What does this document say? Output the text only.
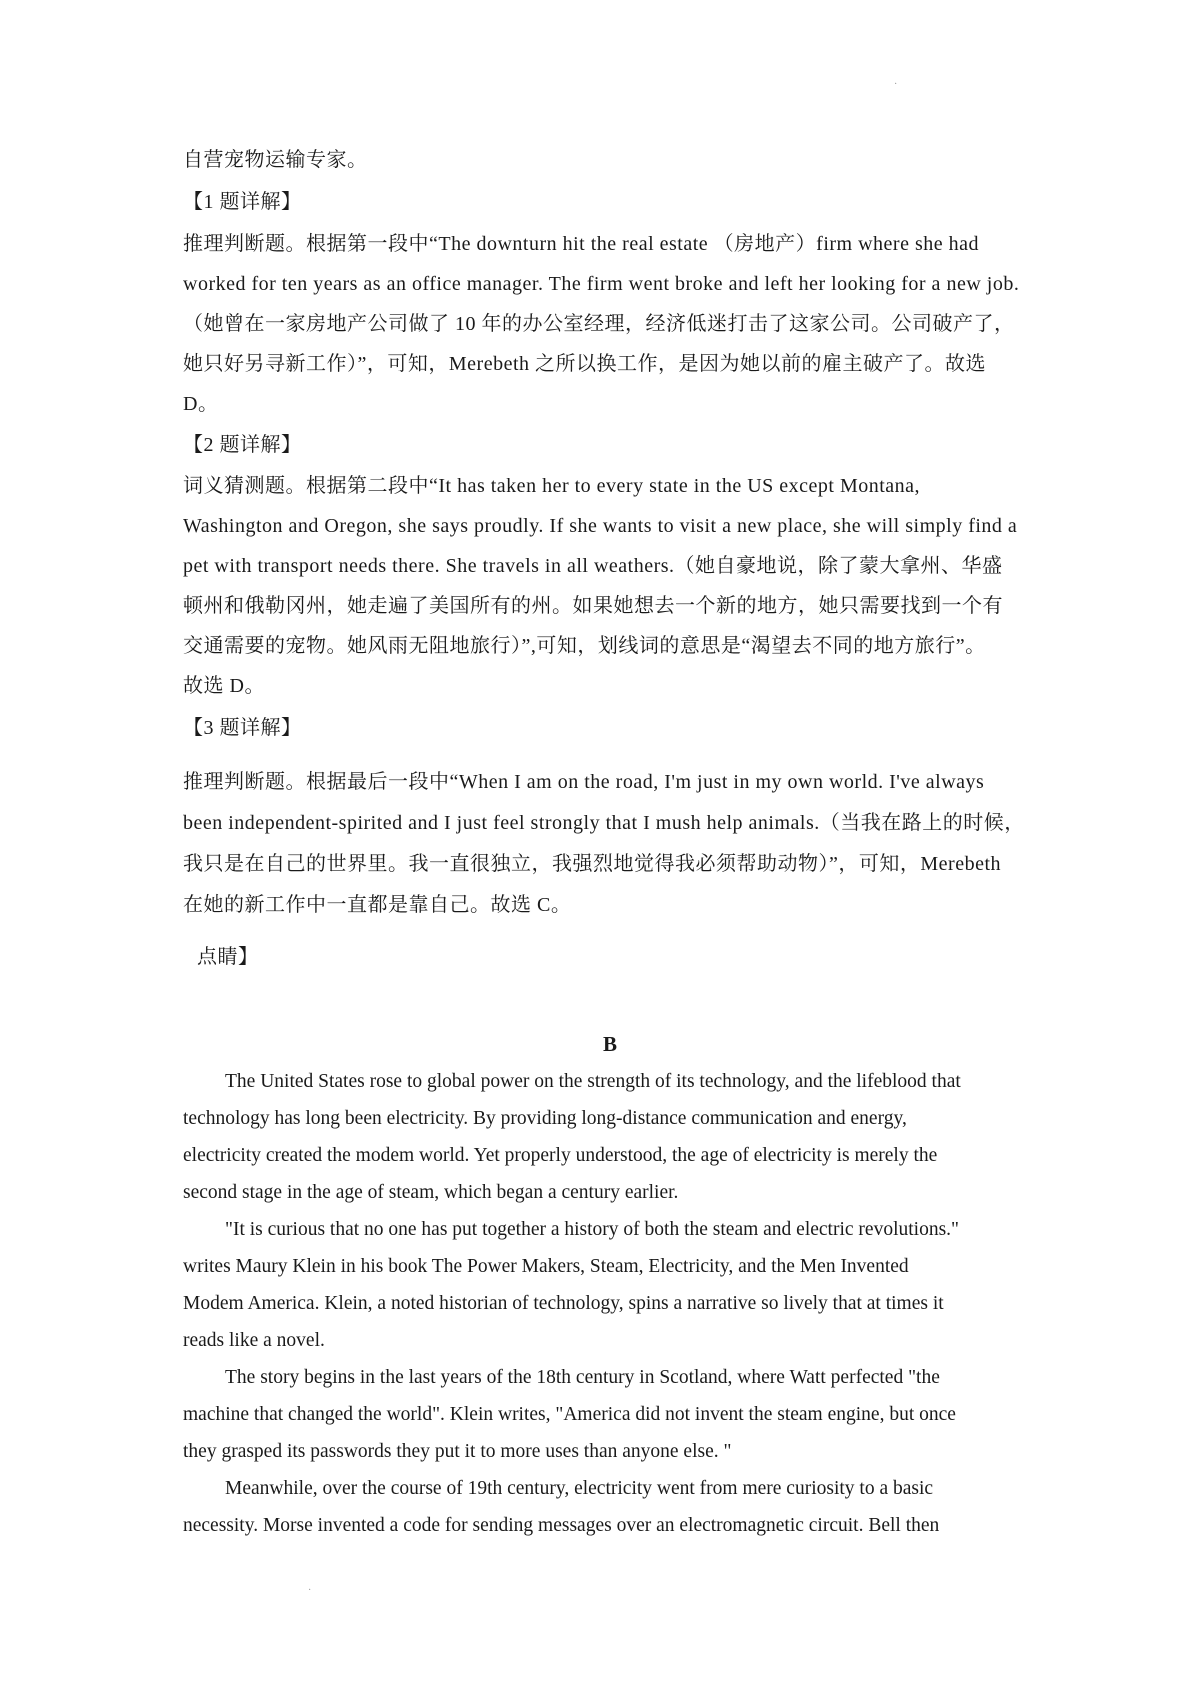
·
自营宠物运输专家。
【1 题详解】
推理判断题。根据第一段中“The downturn hit the real estate （房地产）firm where she had
worked for ten years as an office manager. The firm went broke and left her looking for a new job.
（她曾在一家房地产公司做了 10 年的办公室经理，经济低迷打击了这家公司。公司破产了，
她只好另寻新工作）”，可知，Merebeth 之所以换工作，是因为她以前的雇主破产了。故选
D。
【2 题详解】
词义猜测题。根据第二段中“It has taken her to every state in the US except Montana,
Washington and Oregon, she says proudly. If she wants to visit a new place, she will simply find a
pet with transport needs there. She travels in all weathers.（她自豪地说，除了蒙大拿州、华盛
顿州和俄勒冈州，她走遍了美国所有的州。如果她想去一个新的地方，她只需要找到一个有
交通需要的宠物。她风雨无阻地旅行）”,可知，划线词的意思是“渴望去不同的地方旅行”。
故选 D。
【3 题详解】
推理判断题。根据最后一段中“When I am on the road, I'm just in my own world. I've always
been independent-spirited and I just feel strongly that I mush help animals.（当我在路上的时候，
我只是在自己的世界里。我一直很独立，我强烈地觉得我必须帮助动物）”，可知，Merebeth
在她的新工作中一直都是靠自己。故选 C。
点睛】
B
The United States rose to global power on the strength of its technology, and the lifeblood that
technology has long been electricity. By providing long-distance communication and energy,
electricity created the modem world. Yet properly understood, the age of electricity is merely the
second stage in the age of steam, which began a century earlier.
"It is curious that no one has put together a history of both the steam and electric revolutions."
writes Maury Klein in his book The Power Makers, Steam, Electricity, and the Men Invented
Modem America. Klein, a noted historian of technology, spins a narrative so lively that at times it
reads like a novel.
The story begins in the last years of the 18th century in Scotland, where Watt perfected "the
machine that changed the world". Klein writes, "America did not invent the steam engine, but once
they grasped its passwords they put it to more uses than anyone else. "
Meanwhile, over the course of 19th century, electricity went from mere curiosity to a basic
necessity. Morse invented a code for sending messages over an electromagnetic circuit. Bell then
·
